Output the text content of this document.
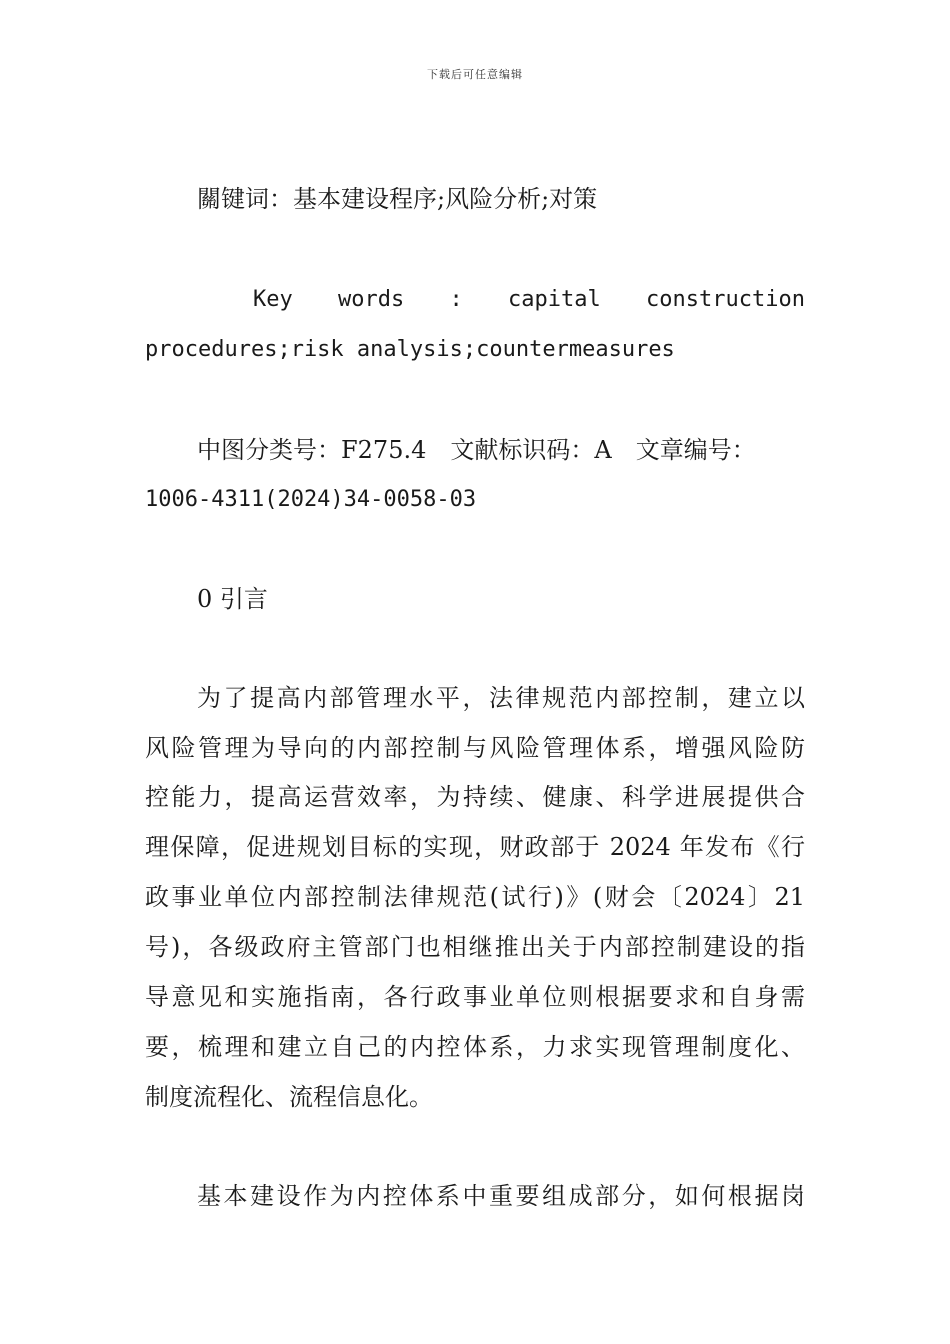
下载后可任意编辑
關键词：基本建设程序;风险分析;对策
Key words : capital construction
procedures;risk analysis;countermeasures
中图分类号：F275.4　文献标识码：A　文章编号：
1006-4311(2024)34-0058-03
0 引言
为了提高内部管理水平，法律规范内部控制，建立以
风险管理为导向的内部控制与风险管理体系，增强风险防
控能力，提高运营效率，为持续、健康、科学进展提供合
理保障，促进规划目标的实现，财政部于 2024 年发布《行
政事业单位内部控制法律规范(试行)》(财会〔2024〕21
号)，各级政府主管部门也相继推出关于内部控制建设的指
导意见和实施指南，各行政事业单位则根据要求和自身需
要，梳理和建立自己的内控体系，力求实现管理制度化、
制度流程化、流程信息化。
基本建设作为内控体系中重要组成部分，如何根据岗
